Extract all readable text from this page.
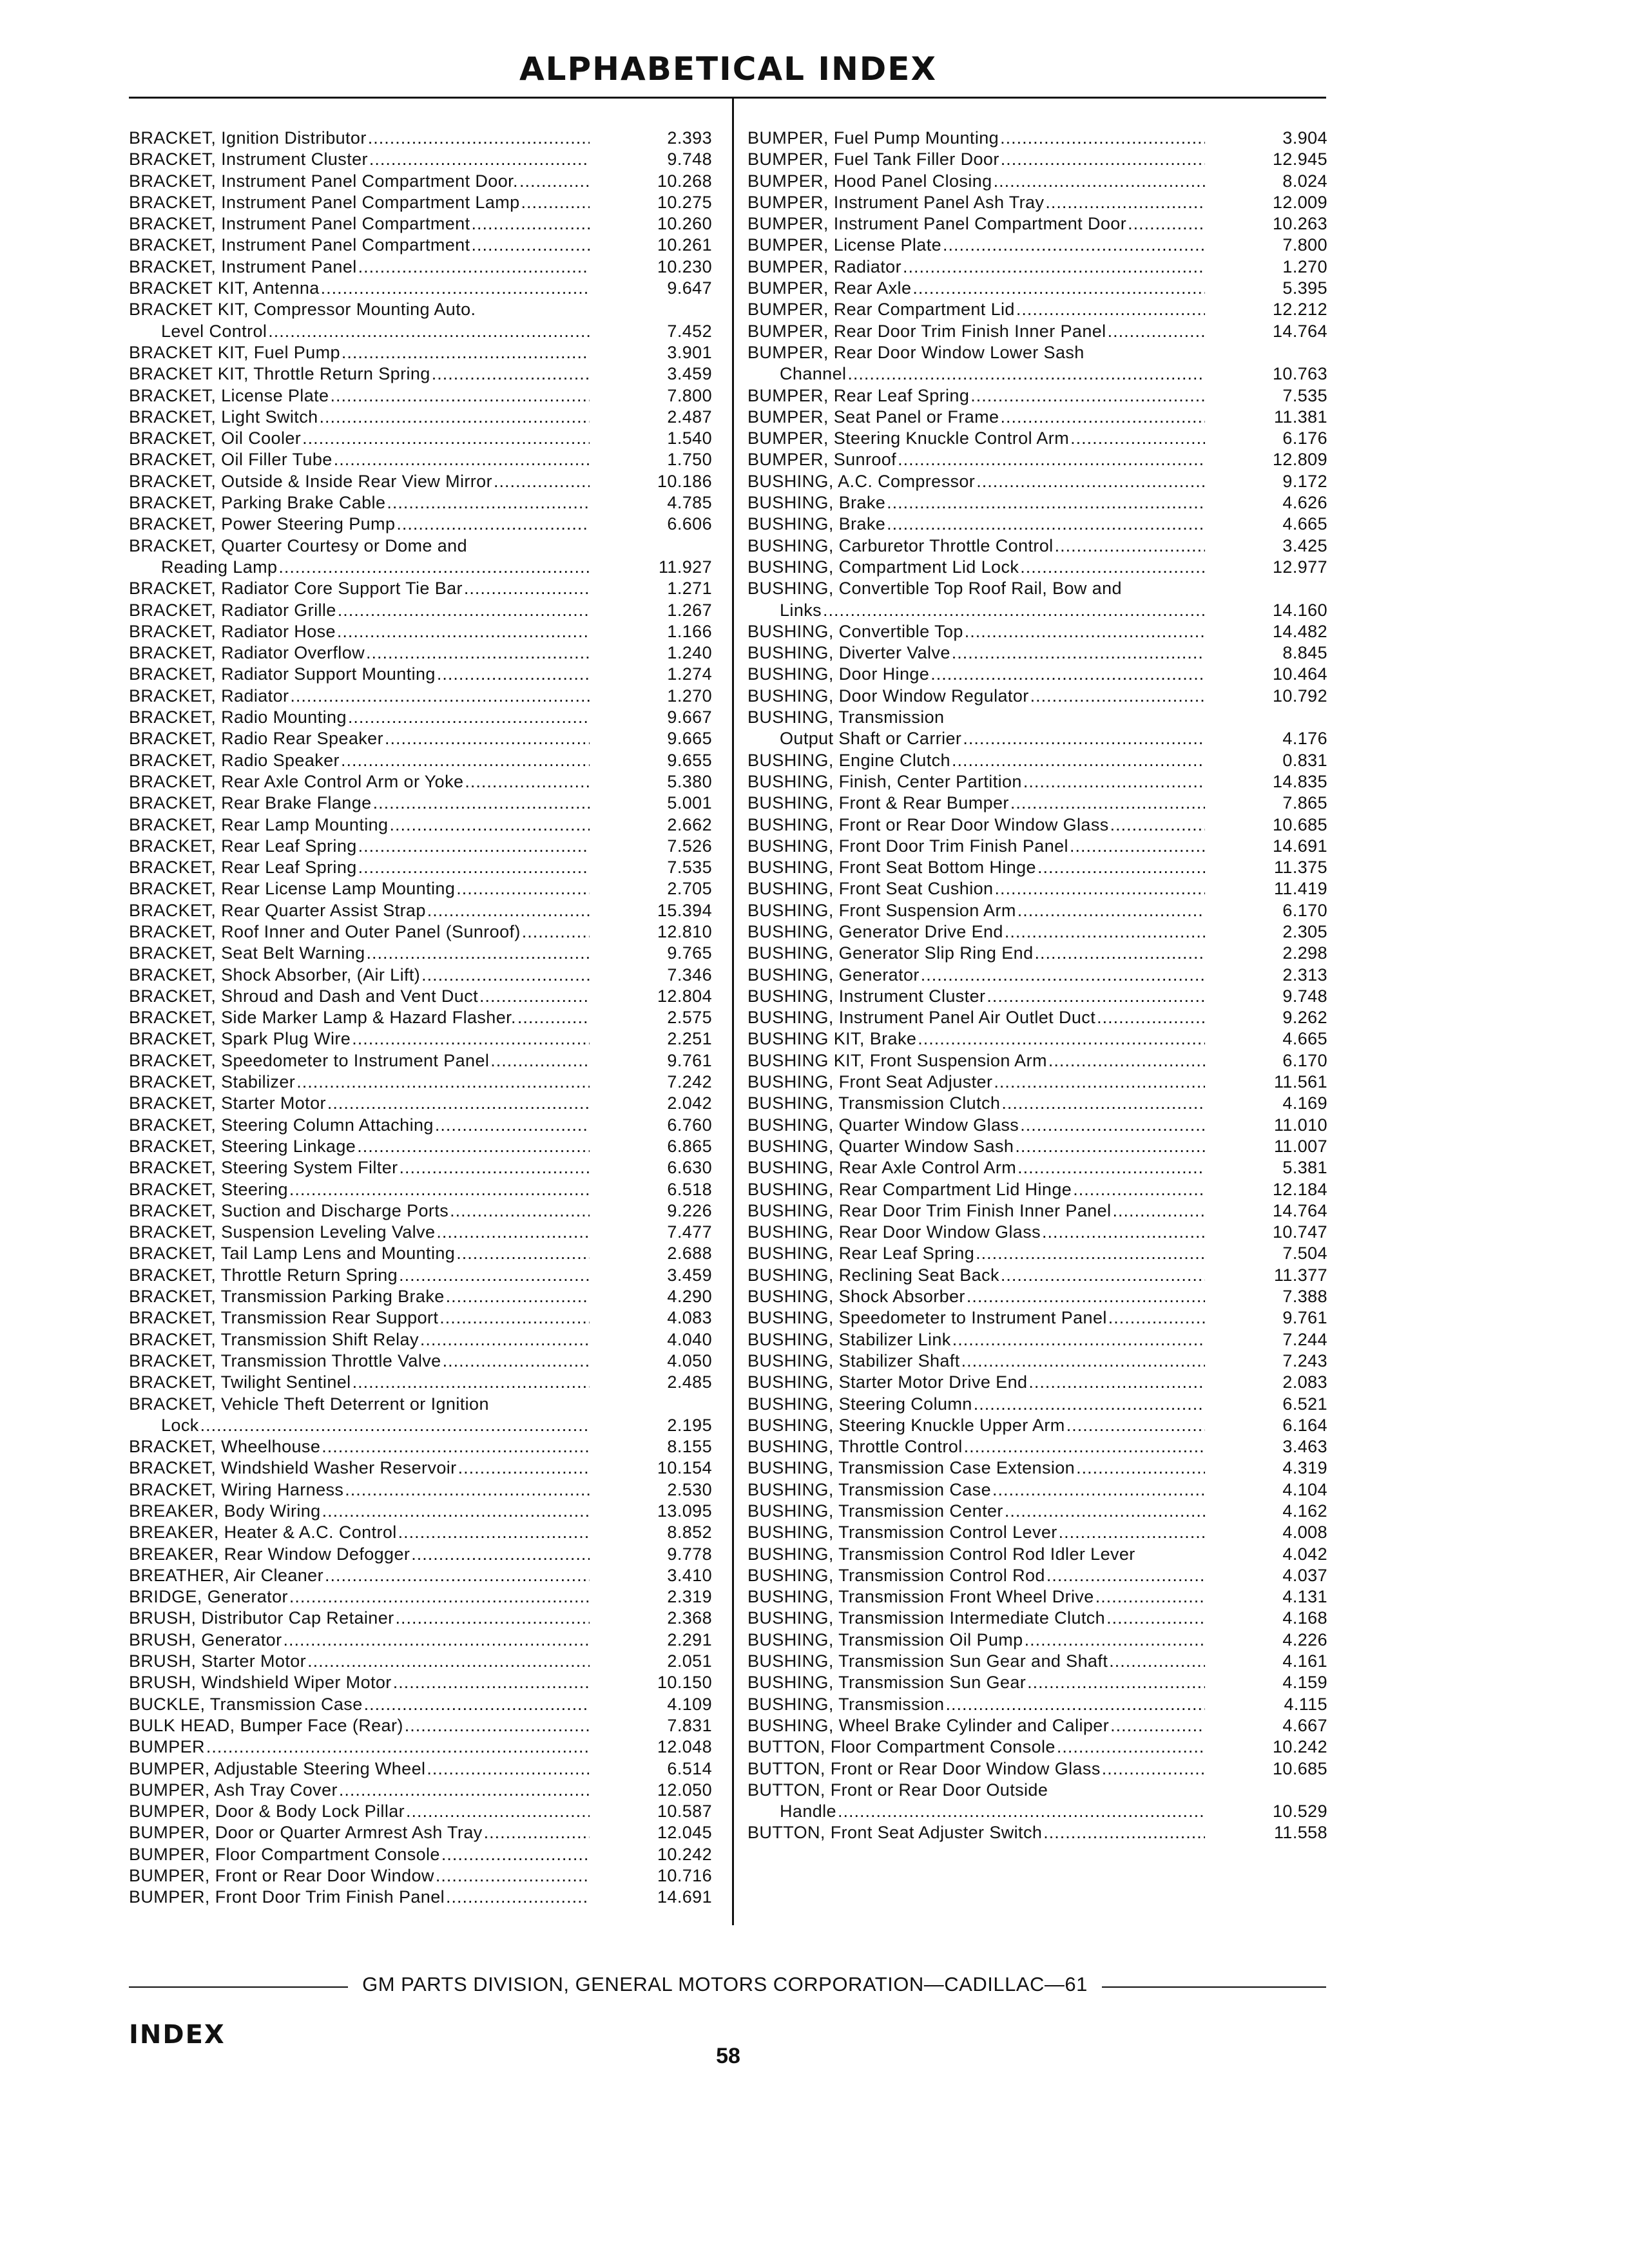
ALPHABETICAL INDEX
BRACKET, Ignition Distributor .....	2.393
BRACKET, Instrument Cluster .....	9.748
BRACKET, Instrument Panel Compartment Door. .....	10.268
BRACKET, Instrument Panel Compartment Lamp .....	10.275
BRACKET, Instrument Panel Compartment .....	10.260
BRACKET, Instrument Panel Compartment .....	10.261
BRACKET, Instrument Panel .....	10.230
BRACKET KIT, Antenna .....	9.647
BRACKET KIT, Compressor Mounting Auto.
Level Control .....	7.452
BRACKET KIT, Fuel Pump .....	3.901
BRACKET KIT, Throttle Return Spring .....	3.459
BRACKET, License Plate .....	7.800
BRACKET, Light Switch .....	2.487
BRACKET, Oil Cooler .....	1.540
BRACKET, Oil Filler Tube .....	1.750
BRACKET, Outside & Inside Rear View Mirror .....	10.186
BRACKET, Parking Brake Cable .....	4.785
BRACKET, Power Steering Pump .....	6.606
BRACKET, Quarter Courtesy or Dome and
Reading Lamp .....	11.927
BRACKET, Radiator Core Support Tie Bar .....	1.271
BRACKET, Radiator Grille .....	1.267
BRACKET, Radiator Hose .....	1.166
BRACKET, Radiator Overflow .....	1.240
BRACKET, Radiator Support Mounting .....	1.274
BRACKET, Radiator .....	1.270
BRACKET, Radio Mounting .....	9.667
BRACKET, Radio Rear Speaker .....	9.665
BRACKET, Radio Speaker .....	9.655
BRACKET, Rear Axle Control Arm or Yoke .....	5.380
BRACKET, Rear Brake Flange .....	5.001
BRACKET, Rear Lamp Mounting .....	2.662
BRACKET, Rear Leaf Spring .....	7.526
BRACKET, Rear Leaf Spring .....	7.535
BRACKET, Rear License Lamp Mounting .....	2.705
BRACKET, Rear Quarter Assist Strap .....	15.394
BRACKET, Roof Inner and Outer Panel (Sunroof) .....	12.810
BRACKET, Seat Belt Warning .....	9.765
BRACKET, Shock Absorber, (Air Lift) .....	7.346
BRACKET, Shroud and Dash and Vent Duct .....	12.804
BRACKET, Side Marker Lamp & Hazard Flasher. .....	2.575
BRACKET, Spark Plug Wire .....	2.251
BRACKET, Speedometer to Instrument Panel .....	9.761
BRACKET, Stabilizer .....	7.242
BRACKET, Starter Motor .....	2.042
BRACKET, Steering Column Attaching .....	6.760
BRACKET, Steering Linkage .....	6.865
BRACKET, Steering System Filter .....	6.630
BRACKET, Steering .....	6.518
BRACKET, Suction and Discharge Ports .....	9.226
BRACKET, Suspension Leveling Valve .....	7.477
BRACKET, Tail Lamp Lens and Mounting .....	2.688
BRACKET, Throttle Return Spring .....	3.459
BRACKET, Transmission Parking Brake .....	4.290
BRACKET, Transmission Rear Support .....	4.083
BRACKET, Transmission Shift Relay .....	4.040
BRACKET, Transmission Throttle Valve .....	4.050
BRACKET, Twilight Sentinel .....	2.485
BRACKET, Vehicle Theft Deterrent or Ignition
Lock .....	2.195
BRACKET, Wheelhouse .....	8.155
BRACKET, Windshield Washer Reservoir .....	10.154
BRACKET, Wiring Harness .....	2.530
BREAKER, Body Wiring .....	13.095
BREAKER, Heater & A.C. Control .....	8.852
BREAKER, Rear Window Defogger .....	9.778
BREATHER, Air Cleaner .....	3.410
BRIDGE, Generator .....	2.319
BRUSH, Distributor Cap Retainer .....	2.368
BRUSH, Generator .....	2.291
BRUSH, Starter Motor .....	2.051
BRUSH, Windshield Wiper Motor .....	10.150
BUCKLE, Transmission Case .....	4.109
BULK HEAD, Bumper Face (Rear) .....	7.831
BUMPER .....	12.048
BUMPER, Adjustable Steering Wheel .....	6.514
BUMPER, Ash Tray Cover .....	12.050
BUMPER, Door & Body Lock Pillar .....	10.587
BUMPER, Door or Quarter Armrest Ash Tray .....	12.045
BUMPER, Floor Compartment Console .....	10.242
BUMPER, Front or Rear Door Window .....	10.716
BUMPER, Front Door Trim Finish Panel .....	14.691
BUMPER, Fuel Pump Mounting .....	3.904
BUMPER, Fuel Tank Filler Door .....	12.945
BUMPER, Hood Panel Closing .....	8.024
BUMPER, Instrument Panel Ash Tray .....	12.009
BUMPER, Instrument Panel Compartment Door .....	10.263
BUMPER, License Plate .....	7.800
BUMPER, Radiator .....	1.270
BUMPER, Rear Axle .....	5.395
BUMPER, Rear Compartment Lid .....	12.212
BUMPER, Rear Door Trim Finish Inner Panel .....	14.764
BUMPER, Rear Door Window Lower Sash
Channel .....	10.763
BUMPER, Rear Leaf Spring .....	7.535
BUMPER, Seat Panel or Frame .....	11.381
BUMPER, Steering Knuckle Control Arm .....	6.176
BUMPER, Sunroof .....	12.809
BUSHING, A.C. Compressor .....	9.172
BUSHING, Brake .....	4.626
BUSHING, Brake .....	4.665
BUSHING, Carburetor Throttle Control .....	3.425
BUSHING, Compartment Lid Lock .....	12.977
BUSHING, Convertible Top Roof Rail, Bow and
Links .....	14.160
BUSHING, Convertible Top .....	14.482
BUSHING, Diverter Valve .....	8.845
BUSHING, Door Hinge .....	10.464
BUSHING, Door Window Regulator .....	10.792
BUSHING, Transmission
Output Shaft or Carrier .....	4.176
BUSHING, Engine Clutch .....	0.831
BUSHING, Finish, Center Partition .....	14.835
BUSHING, Front & Rear Bumper .....	7.865
BUSHING, Front or Rear Door Window Glass .....	10.685
BUSHING, Front Door Trim Finish Panel .....	14.691
BUSHING, Front Seat Bottom Hinge .....	11.375
BUSHING, Front Seat Cushion .....	11.419
BUSHING, Front Suspension Arm .....	6.170
BUSHING, Generator Drive End .....	2.305
BUSHING, Generator Slip Ring End .....	2.298
BUSHING, Generator .....	2.313
BUSHING, Instrument Cluster .....	9.748
BUSHING, Instrument Panel Air Outlet Duct .....	9.262
BUSHING KIT, Brake .....	4.665
BUSHING KIT, Front Suspension Arm .....	6.170
BUSHING, Front Seat Adjuster .....	11.561
BUSHING, Transmission Clutch .....	4.169
BUSHING, Quarter Window Glass .....	11.010
BUSHING, Quarter Window Sash .....	11.007
BUSHING, Rear Axle Control Arm .....	5.381
BUSHING, Rear Compartment Lid Hinge .....	12.184
BUSHING, Rear Door Trim Finish Inner Panel .....	14.764
BUSHING, Rear Door Window Glass .....	10.747
BUSHING, Rear Leaf Spring .....	7.504
BUSHING, Reclining Seat Back .....	11.377
BUSHING, Shock Absorber .....	7.388
BUSHING, Speedometer to Instrument Panel .....	9.761
BUSHING, Stabilizer Link .....	7.244
BUSHING, Stabilizer Shaft .....	7.243
BUSHING, Starter Motor Drive End .....	2.083
BUSHING, Steering Column .....	6.521
BUSHING, Steering Knuckle Upper Arm .....	6.164
BUSHING, Throttle Control .....	3.463
BUSHING, Transmission Case Extension .....	4.319
BUSHING, Transmission Case .....	4.104
BUSHING, Transmission Center .....	4.162
BUSHING, Transmission Control Lever .....	4.008
BUSHING, Transmission Control Rod Idler Lever	4.042
BUSHING, Transmission Control Rod .....	4.037
BUSHING, Transmission Front Wheel Drive .....	4.131
BUSHING, Transmission Intermediate Clutch .....	4.168
BUSHING, Transmission Oil Pump .....	4.226
BUSHING, Transmission Sun Gear and Shaft .....	4.161
BUSHING, Transmission Sun Gear .....	4.159
BUSHING, Transmission .....	4.115
BUSHING, Wheel Brake Cylinder and Caliper .....	4.667
BUTTON, Floor Compartment Console .....	10.242
BUTTON, Front or Rear Door Window Glass .....	10.685
BUTTON, Front or Rear Door Outside
Handle .....	10.529
BUTTON, Front Seat Adjuster Switch .....	11.558
GM PARTS DIVISION, GENERAL MOTORS CORPORATION—CADILLAC—61
INDEX
58
